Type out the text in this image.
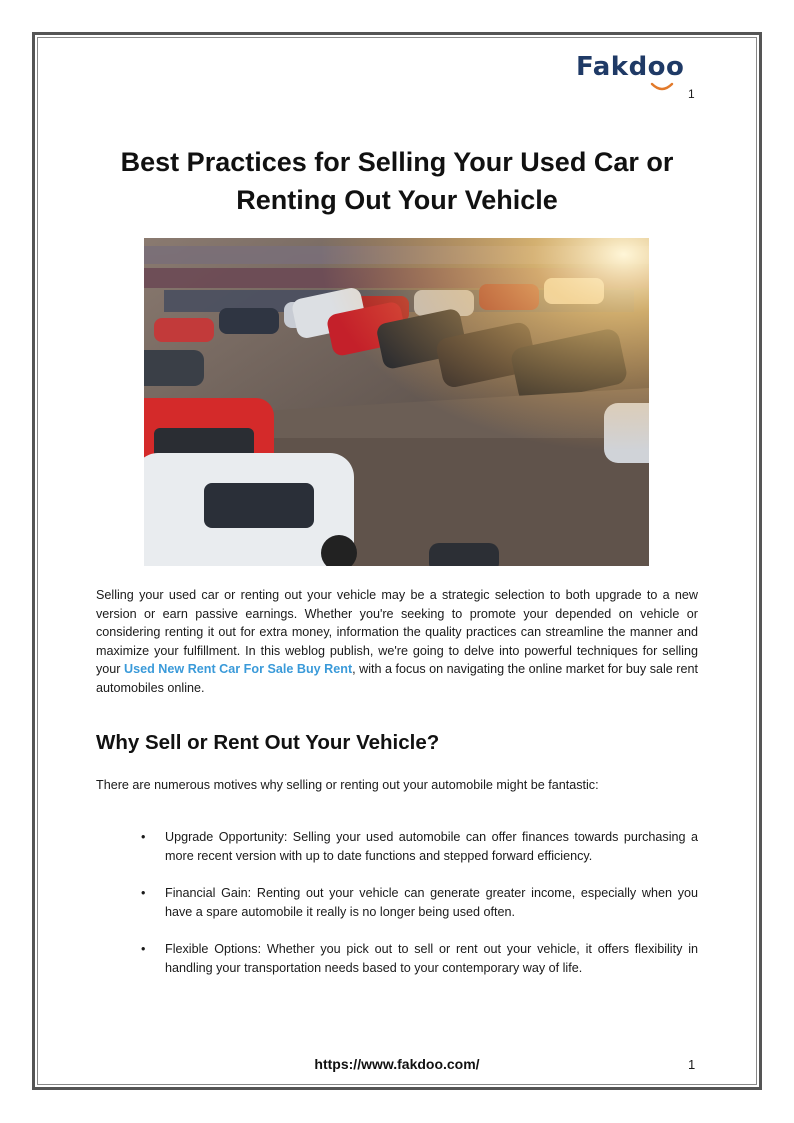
Fakdoo
1
Best Practices for Selling Your Used Car or Renting Out Your Vehicle

Selling your used car or renting out your vehicle may be a strategic selection to both upgrade to a new version or earn passive earnings. Whether you're seeking to promote your depended on vehicle or considering renting it out for extra money, information the quality practices can streamline the manner and maximize your fulfillment. In this weblog publish, we're going to delve into powerful techniques for selling your Used New Rent Car For Sale Buy Rent, with a focus on navigating the online market for buy sale rent automobiles online.

Why Sell or Rent Out Your Vehicle?

There are numerous motives why selling or renting out your automobile might be fantastic:

• Upgrade Opportunity: Selling your used automobile can offer finances towards purchasing a more recent version with up to date functions and stepped forward efficiency.
• Financial Gain: Renting out your vehicle can generate greater income, especially when you have a spare automobile it really is no longer being used often.
• Flexible Options: Whether you pick out to sell or rent out your vehicle, it offers flexibility in handling your transportation needs based to your contemporary way of life.
https://www.fakdoo.com/	1
